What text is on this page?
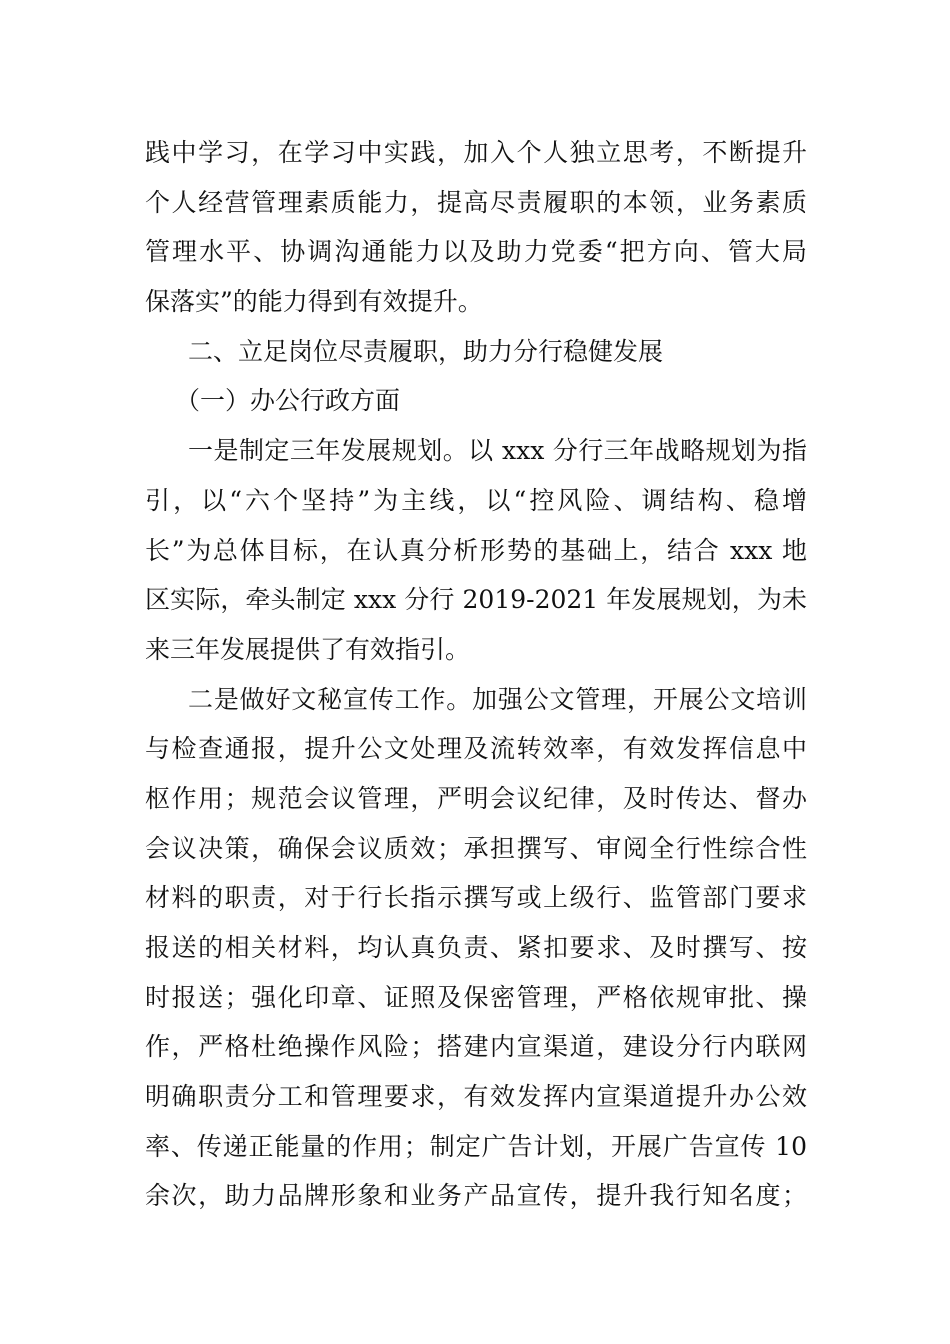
践中学习，在学习中实践，加入个人独立思考，不断提升
个人经营管理素质能力，提高尽责履职的本领，业务素质
管理水平、协调沟通能力以及助力党委“把方向、管大局
保落实”的能力得到有效提升。
二、立足岗位尽责履职，助力分行稳健发展
（一）办公行政方面
一是制定三年发展规划。以 xxx 分行三年战略规划为指
引，以“六个坚持”为主线，以“控风险、调结构、稳增
长”为总体目标，在认真分析形势的基础上，结合 xxx 地
区实际，牵头制定 xxx 分行 2019-2021 年发展规划，为未
来三年发展提供了有效指引。
二是做好文秘宣传工作。加强公文管理，开展公文培训
与检查通报，提升公文处理及流转效率，有效发挥信息中
枢作用；规范会议管理，严明会议纪律，及时传达、督办
会议决策，确保会议质效；承担撰写、审阅全行性综合性
材料的职责，对于行长指示撰写或上级行、监管部门要求
报送的相关材料，均认真负责、紧扣要求、及时撰写、按
时报送；强化印章、证照及保密管理，严格依规审批、操
作，严格杜绝操作风险；搭建内宣渠道，建设分行内联网
明确职责分工和管理要求，有效发挥内宣渠道提升办公效
率、传递正能量的作用；制定广告计划，开展广告宣传 10
余次，助力品牌形象和业务产品宣传，提升我行知名度；
